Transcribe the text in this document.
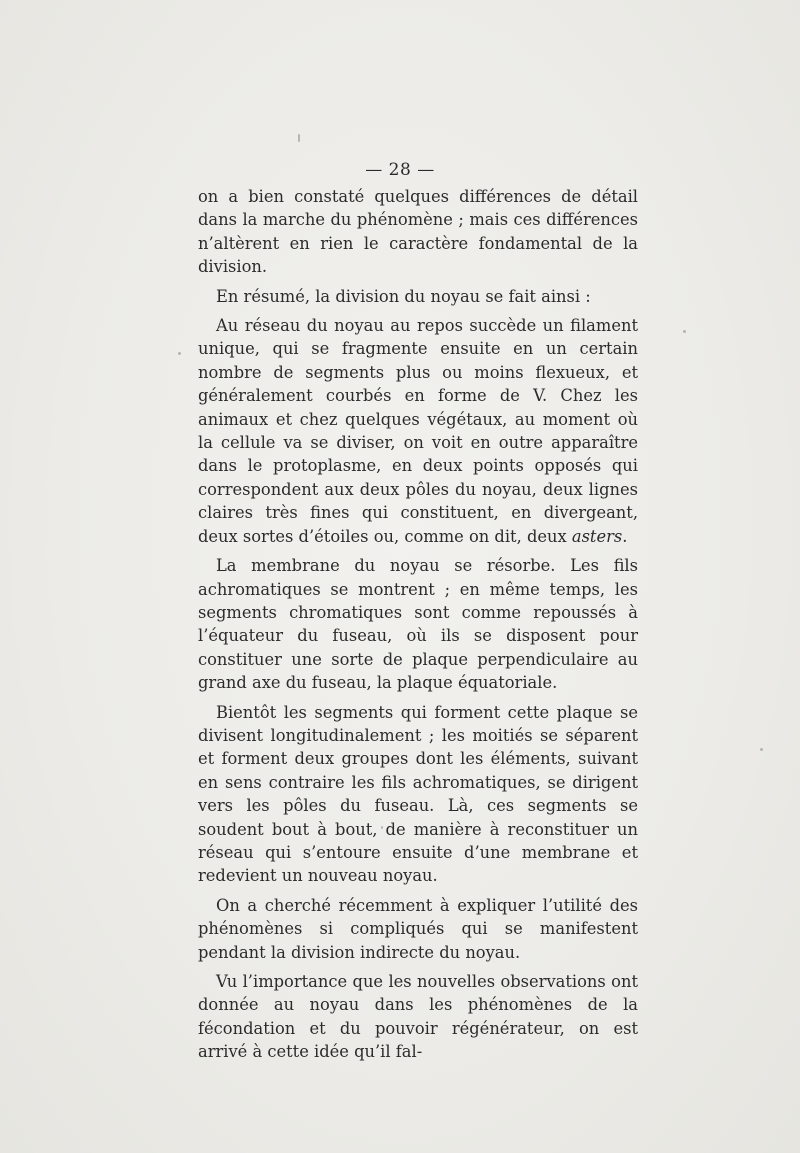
— 28 —

on a bien constaté quelques différences de détail dans la marche du phénomène ; mais ces différences n’altèrent en rien le caractère fondamental de la division.

En résumé, la division du noyau se fait ainsi :

Au réseau du noyau au repos succède un filament unique, qui se fragmente ensuite en un certain nombre de segments plus ou moins flexueux, et généralement courbés en forme de V. Chez les animaux et chez quelques végétaux, au moment où la cellule va se diviser, on voit en outre apparaître dans le protoplasme, en deux points opposés qui correspondent aux deux pôles du noyau, deux lignes claires très fines qui constituent, en divergeant, deux sortes d’étoiles ou, comme on dit, deux asters.

La membrane du noyau se résorbe. Les fils achromatiques se montrent ; en même temps, les segments chromatiques sont comme repoussés à l’équateur du fuseau, où ils se disposent pour constituer une sorte de plaque perpendiculaire au grand axe du fuseau, la plaque équatoriale.

Bientôt les segments qui forment cette plaque se divisent longitudinalement ; les moitiés se séparent et forment deux groupes dont les éléments, suivant en sens contraire les fils achromatiques, se dirigent vers les pôles du fuseau. Là, ces segments se soudent bout à bout, de manière à reconstituer un réseau qui s’entoure ensuite d’une membrane et redevient un nouveau noyau.

On a cherché récemment à expliquer l’utilité des phénomènes si compliqués qui se manifestent pendant la division indirecte du noyau.

Vu l’importance que les nouvelles observations ont donnée au noyau dans les phénomènes de la fécondation et du pouvoir régénérateur, on est arrivé à cette idée qu’il fal-
